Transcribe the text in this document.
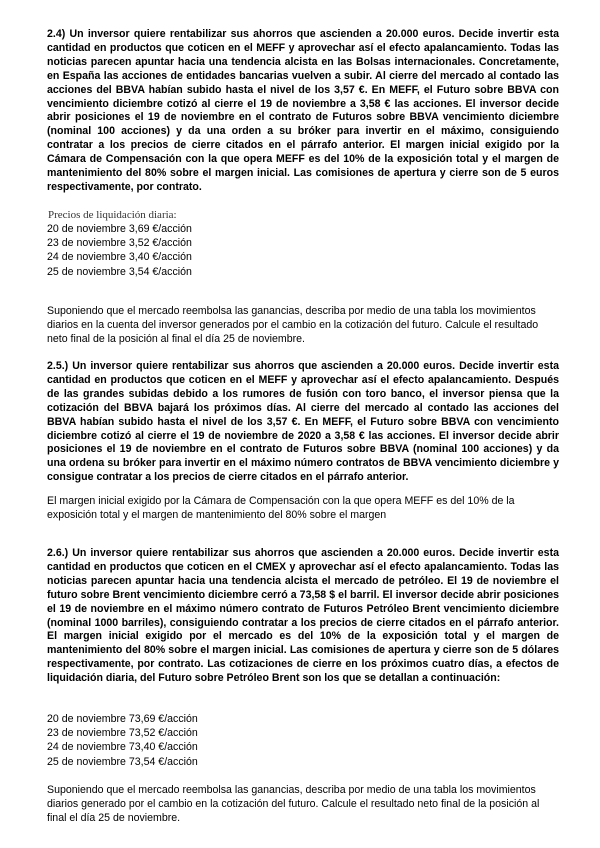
2.4) Un inversor quiere rentabilizar sus ahorros que ascienden a 20.000 euros. Decide invertir esta cantidad en productos que coticen en el MEFF y aprovechar así el efecto apalancamiento. Todas las noticias parecen apuntar hacia una tendencia alcista en las Bolsas internacionales. Concretamente, en España las acciones de entidades bancarias vuelven a subir. Al cierre del mercado al contado las acciones del BBVA habían subido hasta el nivel de los 3,57 €. En MEFF, el Futuro sobre BBVA con vencimiento diciembre cotizó al cierre el 19 de noviembre a 3,58 € las acciones. El inversor decide abrir posiciones el 19 de noviembre en el contrato de Futuros sobre BBVA vencimiento diciembre (nominal 100 acciones) y da una orden a su bróker para invertir en el máximo, consiguiendo contratar a los precios de cierre citados en el párrafo anterior. El margen inicial exigido por la Cámara de Compensación con la que opera MEFF es del 10% de la exposición total y el margen de mantenimiento del 80% sobre el margen inicial. Las comisiones de apertura y cierre son de 5 euros respectivamente, por contrato.
Precios de liquidación diaria:
20 de noviembre 3,69 €/acción
23 de noviembre 3,52 €/acción
24 de noviembre 3,40 €/acción
25 de noviembre 3,54 €/acción
Suponiendo que el mercado reembolsa las ganancias, describa por medio de una tabla los movimientos diarios en la cuenta del inversor generados por el cambio en la cotización del futuro. Calcule el resultado neto final de la posición al final el día 25 de noviembre.
2.5.) Un inversor quiere rentabilizar sus ahorros que ascienden a 20.000 euros. Decide invertir esta cantidad en productos que coticen en el MEFF y aprovechar así el efecto apalancamiento. Después de las grandes subidas debido a los rumores de fusión con toro banco, el inversor piensa que la cotización del BBVA bajará los próximos días. Al cierre del mercado al contado las acciones del BBVA habían subido hasta el nivel de los 3,57 €. En MEFF, el Futuro sobre BBVA con vencimiento diciembre cotizó al cierre el 19 de noviembre de 2020 a 3,58 € las acciones. El inversor decide abrir posiciones el 19 de noviembre en el contrato de Futuros sobre BBVA (nominal 100 acciones) y da una ordena su bróker para invertir en el máximo número contratos de BBVA vencimiento diciembre y consigue contratar a los precios de cierre citados en el párrafo anterior.
El margen inicial exigido por la Cámara de Compensación con la que opera MEFF es del 10% de la exposición total y el margen de mantenimiento del 80% sobre el margen
2.6.) Un inversor quiere rentabilizar sus ahorros que ascienden a 20.000 euros. Decide invertir esta cantidad en productos que coticen en el CMEX y aprovechar así el efecto apalancamiento. Todas las noticias parecen apuntar hacia una tendencia alcista el mercado de petróleo. El 19 de noviembre el futuro sobre Brent vencimiento diciembre cerró a 73,58 $ el barril. El inversor decide abrir posiciones el 19 de noviembre en el máximo número contrato de Futuros Petróleo Brent vencimiento diciembre (nominal 1000 barriles), consiguiendo contratar a los precios de cierre citados en el párrafo anterior. El margen inicial exigido por el mercado es del 10% de la exposición total y el margen de mantenimiento del 80% sobre el margen inicial. Las comisiones de apertura y cierre son de 5 dólares respectivamente, por contrato. Las cotizaciones de cierre en los próximos cuatro días, a efectos de liquidación diaria, del Futuro sobre Petróleo Brent son los que se detallan a continuación:
20 de noviembre 73,69 €/acción
23 de noviembre 73,52 €/acción
24 de noviembre 73,40 €/acción
25 de noviembre 73,54 €/acción
Suponiendo que el mercado reembolsa las ganancias, describa por medio de una tabla los movimientos diarios generado por el cambio en la cotización del futuro. Calcule el resultado neto final de la posición al final el día 25 de noviembre.
